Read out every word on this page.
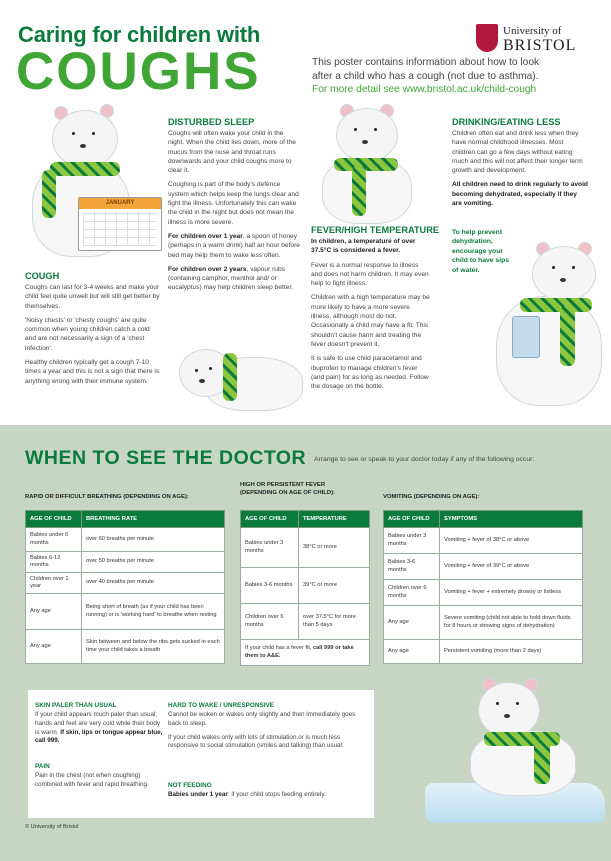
Caring for children with
COUGHS
University of
BRISTOL
This poster contains information about how to look
after a child who has a cough (not due to asthma).
For more detail see www.bristol.ac.uk/child-cough
JANUARY
COUGH

Coughs can last for 3-4 weeks and make your child feel quite unwell but will still get better by themselves.

'Noisy chests' or 'chesty coughs' are quite common when young children catch a cold and are not necessarily a sign of a 'chest infection'.

Healthy children typically get a cough 7-10 times a year and this is not a sign that there is anything wrong with their immune system.

DISTURBED SLEEP

Coughs will often wake your child in the night. When the child lies down, more of the mucus from the nose and throat runs downwards and your child coughs more to clear it.

Coughing is part of the body's defence system which helps keep the lungs clear and fight the illness. Unfortunately this can wake the child in the night but does not mean the illness is more severe.

For children over 1 year, a spoon of honey (perhaps in a warm drink) half an hour before bed may help them to wake less often.

For children over 2 years, vapour rubs (containing camphor, menthol and/ or eucalyptus) may help children sleep better.

FEVER/HIGH TEMPERATURE

In children, a temperature of over 37.5°C is considered a fever.

Fever is a normal response to illness and does not harm children. It may even help to fight illness.

Children with a high temperature may be more likely to have a more severe illness, although most do not. Occasionally a child may have a fit. This shouldn't cause harm and treating the fever doesn't prevent it.

It is safe to use child paracetamol and ibuprofen to manage children's fever (and pain) for as long as needed. Follow the dosage on the bottle.

DRINKING/EATING LESS

Children often eat and drink less when they have normal childhood illnesses. Most children can go a few days without eating much and this will not affect their longer term growth and development.

All children need to drink regularly to avoid becoming dehydrated, especially if they are vomiting.

To help prevent dehydration, encourage your child to have sips of water.
WHEN TO SEE THE DOCTOR Arrange to see or speak to your doctor today if any of the following occur:
RAPID OR DIFFICULT BREATHING (DEPENDING ON AGE):
AGE OF CHILD	BREATHING RATE
Babies under 6 months	over 60 breaths per minute
Babies 6-12 months	over 50 breaths per minute
Children over 1 year	over 40 breaths per minute
Any age	Being short of breath (as if your child has been running) or is 'working hard' to breathe when resting
Any age	Skin between and below the ribs gets sucked in each time your child takes a breath
HIGH OR PERSISTENT FEVER
(DEPENDING ON AGE OF CHILD):
AGE OF CHILD	TEMPERATURE
Babies under 3 months	38°C or more
Babies 3-6 months	39°C or more
Children over 6 months	over 37.5°C for more than 5 days
If your child has a fever fit, call 999 or take them to A&E.	
VOMITING (DEPENDING ON AGE):
AGE OF CHILD	SYMPTOMS
Babies under 3 months	Vomiting + fever of 38°C or above
Babies 3-6 months	Vomiting + fever of 39°C or above
Children over 6 months	Vomiting + fever + extremely drowsy or listless
Any age	Severe vomiting (child not able to hold down fluids for 8 hours or showing signs of dehydration)
Any age	Persistent vomiting (more than 2 days)
SKIN PALER THAN USUAL
If your child appears much paler than usual; hands and feet are very cold while their body is warm. If skin, lips or tongue appear blue, call 999.
PAIN
Pain in the chest (not when coughing) combined with fever and rapid breathing.
HARD TO WAKE / UNRESPONSIVE

Cannot be woken or wakes only slightly and then immediately goes back to sleep.

If your child wakes only with lots of stimulation,or is much less responsive to social stimulation (smiles and talking) than usual.

NOT FEEDING
Babies under 1 year: if your child stops feeding entirely.
© University of Bristol
